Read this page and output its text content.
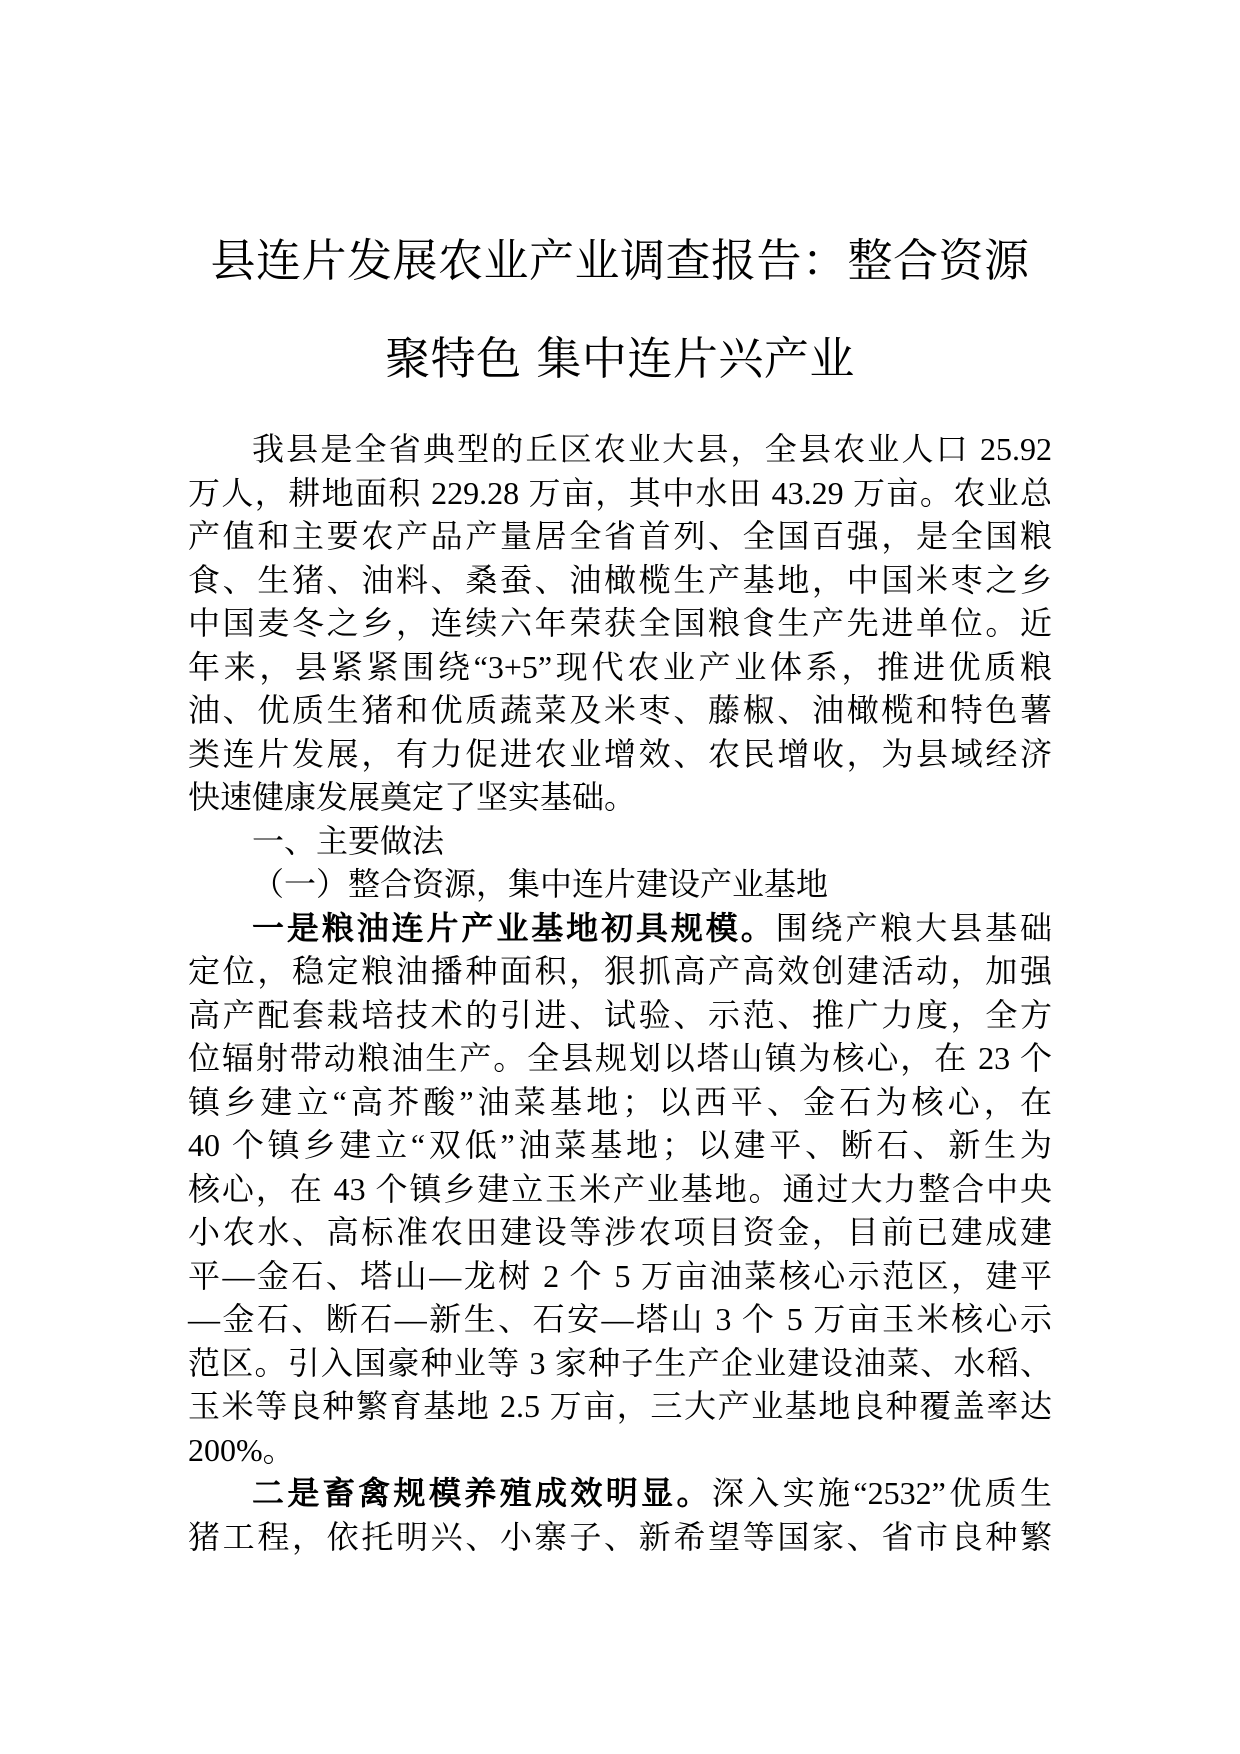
县连片发展农业产业调查报告：整合资源
聚特色 集中连片兴产业
我县是全省典型的丘区农业大县，全县农业人口 25.92
万人，耕地面积 229.28 万亩，其中水田 43.29 万亩。农业总
产值和主要农产品产量居全省首列、全国百强，是全国粮
食、生猪、油料、桑蚕、油橄榄生产基地，中国米枣之乡
中国麦冬之乡，连续六年荣获全国粮食生产先进单位。近
年来，县紧紧围绕“3+5”现代农业产业体系，推进优质粮
油、优质生猪和优质蔬菜及米枣、藤椒、油橄榄和特色薯
类连片发展，有力促进农业增效、农民增收，为县域经济
快速健康发展奠定了坚实基础。
一、主要做法
（一）整合资源，集中连片建设产业基地
一是粮油连片产业基地初具规模。围绕产粮大县基础
定位，稳定粮油播种面积，狠抓高产高效创建活动，加强
高产配套栽培技术的引进、试验、示范、推广力度，全方
位辐射带动粮油生产。全县规划以塔山镇为核心，在 23 个
镇乡建立“高芥酸”油菜基地；以西平、金石为核心，在
40 个镇乡建立“双低”油菜基地；以建平、断石、新生为
核心，在 43 个镇乡建立玉米产业基地。通过大力整合中央
小农水、高标准农田建设等涉农项目资金，目前已建成建
平—金石、塔山—龙树 2 个 5 万亩油菜核心示范区，建平
—金石、断石—新生、石安—塔山 3 个 5 万亩玉米核心示
范区。引入国豪种业等 3 家种子生产企业建设油菜、水稻、
玉米等良种繁育基地 2.5 万亩，三大产业基地良种覆盖率达
200%。
二是畜禽规模养殖成效明显。深入实施“2532”优质生
猪工程，依托明兴、小寨子、新希望等国家、省市良种繁
